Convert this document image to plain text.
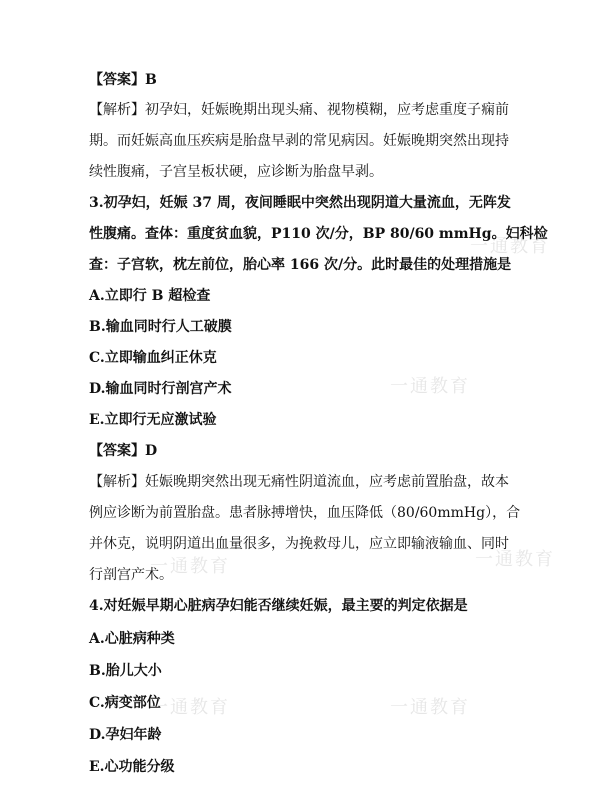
一通教育
一通教育
一通教育	一通教育
一通教育	一通教育
【答案】B
【解析】初孕妇，妊娠晚期出现头痛、视物模糊，应考虑重度子痫前
期。而妊娠高血压疾病是胎盘早剥的常见病因。妊娠晚期突然出现持
续性腹痛，子宫呈板状硬，应诊断为胎盘早剥。
3.初孕妇，妊娠 37 周，夜间睡眠中突然出现阴道大量流血，无阵发
性腹痛。查体：重度贫血貌，P110 次/分，BP 80/60 mmHg。妇科检
查：子宫软，枕左前位，胎心率 166 次/分。此时最佳的处理措施是
A.立即行 B 超检查
B.输血同时行人工破膜
C.立即输血纠正休克
D.输血同时行剖宫产术
E.立即行无应激试验
【答案】D
【解析】妊娠晚期突然出现无痛性阴道流血，应考虑前置胎盘，故本
例应诊断为前置胎盘。患者脉搏增快，血压降低（80/60mmHg），合
并休克，说明阴道出血量很多，为挽救母儿，应立即输液输血、同时
行剖宫产术。
4.对妊娠早期心脏病孕妇能否继续妊娠，最主要的判定依据是
A.心脏病种类
B.胎儿大小
C.病变部位
D.孕妇年龄
E.心功能分级
